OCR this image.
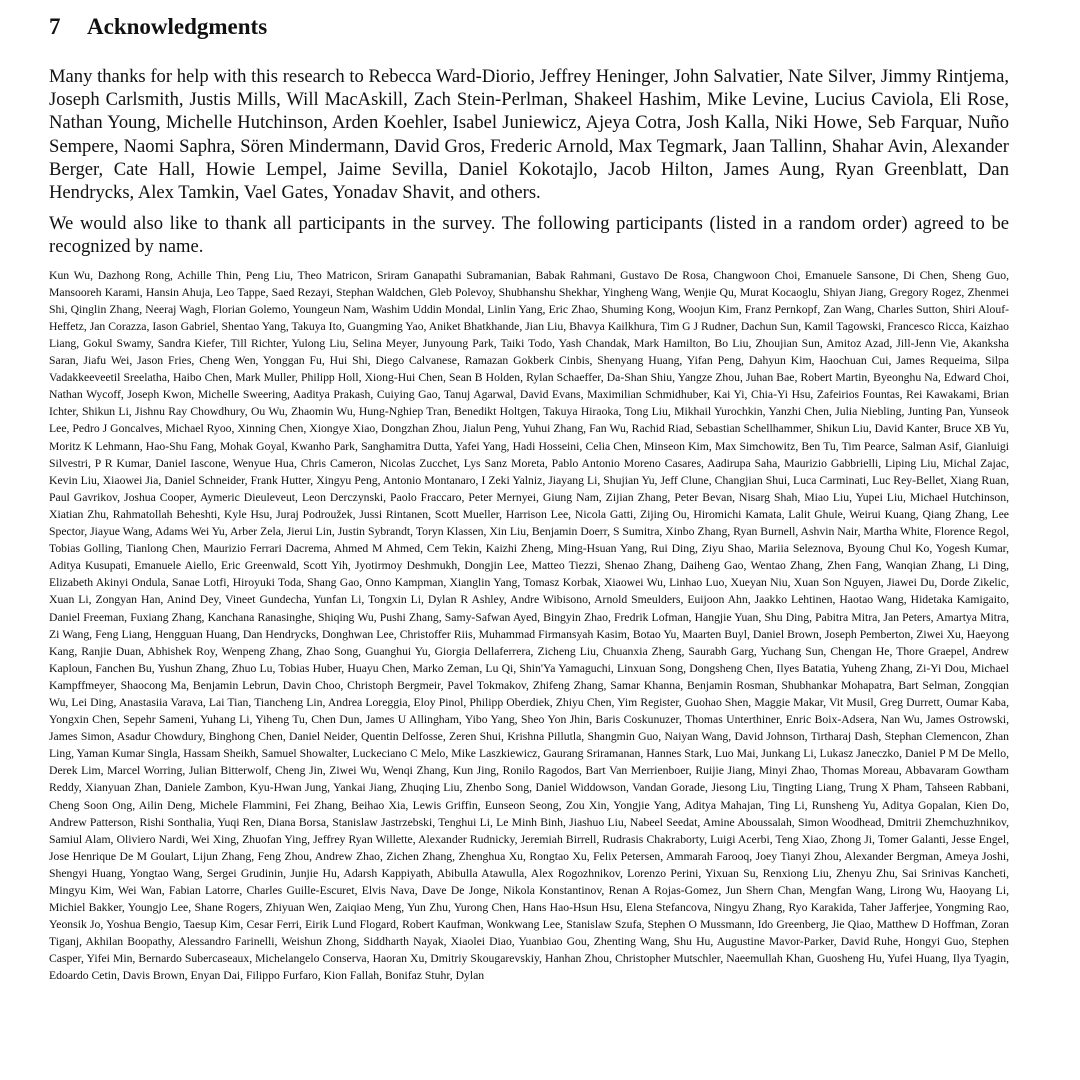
7	Acknowledgments

Many thanks for help with this research to Rebecca Ward-Diorio, Jeffrey Heninger, John Salvatier, Nate Silver, Jimmy Rintjema, Joseph Carlsmith, Justis Mills, Will MacAskill, Zach Stein-Perlman, Shakeel Hashim, Mike Levine, Lucius Caviola, Eli Rose, Nathan Young, Michelle Hutchinson, Arden Koehler, Isabel Juniewicz, Ajeya Cotra, Josh Kalla, Niki Howe, Seb Farquar, Nuño Sempere, Naomi Saphra, Sören Mindermann, David Gros, Frederic Arnold, Max Tegmark, Jaan Tallinn, Shahar Avin, Alexander Berger, Cate Hall, Howie Lempel, Jaime Sevilla, Daniel Kokotajlo, Jacob Hilton, James Aung, Ryan Greenblatt, Dan Hendrycks, Alex Tamkin, Vael Gates, Yonadav Shavit, and others.

We would also like to thank all participants in the survey. The following participants (listed in a random order) agreed to be recognized by name.

Kun Wu, Dazhong Rong, Achille Thin, Peng Liu, Theo Matricon, Sriram Ganapathi Subramanian, Babak Rahmani, Gustavo De Rosa, Changwoon Choi, Emanuele Sansone, Di Chen, Sheng Guo, Mansooreh Karami, Hansin Ahuja, Leo Tappe, Saed Rezayi, Stephan Waldchen, Gleb Polevoy, Shubhanshu Shekhar, Yingheng Wang, Wenjie Qu, Murat Kocaoglu, Shiyan Jiang, Gregory Rogez, Zhenmei Shi, Qinglin Zhang, Neeraj Wagh, Florian Golemo, Youngeun Nam, Washim Uddin Mondal, Linlin Yang, Eric Zhao, Shuming Kong, Woojun Kim, Franz Pernkopf, Zan Wang, Charles Sutton, Shiri Alouf-Heffetz, Jan Corazza, Iason Gabriel, Shentao Yang, Takuya Ito, Guangming Yao, Aniket Bhatkhande, Jian Liu, Bhavya Kailkhura, Tim G J Rudner, Dachun Sun, Kamil Tagowski, Francesco Ricca, Kaizhao Liang, Gokul Swamy, Sandra Kiefer, Till Richter, Yulong Liu, Selina Meyer, Junyoung Park, Taiki Todo, Yash Chandak, Mark Hamilton, Bo Liu, Zhoujian Sun, Amitoz Azad, Jill-Jenn Vie, Akanksha Saran, Jiafu Wei, Jason Fries, Cheng Wen, Yonggan Fu, Hui Shi, Diego Calvanese, Ramazan Gokberk Cinbis, Shenyang Huang, Yifan Peng, Dahyun Kim, Haochuan Cui, James Requeima, Silpa Vadakkeeveetil Sreelatha, Haibo Chen, Mark Muller, Philipp Holl, Xiong-Hui Chen, Sean B Holden, Rylan Schaeffer, Da-Shan Shiu, Yangze Zhou, Juhan Bae, Robert Martin, Byeonghu Na, Edward Choi, Nathan Wycoff, Joseph Kwon, Michelle Sweering, Aaditya Prakash, Cuiying Gao, Tanuj Agarwal, David Evans, Maximilian Schmidhuber, Kai Yi, Chia-Yi Hsu, Zafeirios Fountas, Rei Kawakami, Brian Ichter, Shikun Li, Jishnu Ray Chowdhury, Ou Wu, Zhaomin Wu, Hung-Nghiep Tran, Benedikt Holtgen, Takuya Hiraoka, Tong Liu, Mikhail Yurochkin, Yanzhi Chen, Julia Niebling, Junting Pan, Yunseok Lee, Pedro J Goncalves, Michael Ryoo, Xinning Chen, Xiongye Xiao, Dongzhan Zhou, Jialun Peng, Yuhui Zhang, Fan Wu, Rachid Riad, Sebastian Schellhammer, Shikun Liu, David Kanter, Bruce XB Yu, Moritz K Lehmann, Hao-Shu Fang, Mohak Goyal, Kwanho Park, Sanghamitra Dutta, Yafei Yang, Hadi Hosseini, Celia Chen, Minseon Kim, Max Simchowitz, Ben Tu, Tim Pearce, Salman Asif, Gianluigi Silvestri, P R Kumar, Daniel Iascone, Wenyue Hua, Chris Cameron, Nicolas Zucchet, Lys Sanz Moreta, Pablo Antonio Moreno Casares, Aadirupa Saha, Maurizio Gabbrielli, Liping Liu, Michal Zajac, Kevin Liu, Xiaowei Jia, Daniel Schneider, Frank Hutter, Xingyu Peng, Antonio Montanaro, I Zeki Yalniz, Jiayang Li, Shujian Yu, Jeff Clune, Changjian Shui, Luca Carminati, Luc Rey-Bellet, Xiang Ruan, Paul Gavrikov, Joshua Cooper, Aymeric Dieuleveut, Leon Derczynski, Paolo Fraccaro, Peter Mernyei, Giung Nam, Zijian Zhang, Peter Bevan, Nisarg Shah, Miao Liu, Yupei Liu, Michael Hutchinson, Xiatian Zhu, Rahmatollah Beheshti, Kyle Hsu, Juraj Podroužek, Jussi Rintanen, Scott Mueller, Harrison Lee, Nicola Gatti, Zijing Ou, Hiromichi Kamata, Lalit Ghule, Weirui Kuang, Qiang Zhang, Lee Spector, Jiayue Wang, Adams Wei Yu, Arber Zela, Jierui Lin, Justin Sybrandt, Toryn Klassen, Xin Liu, Benjamin Doerr, S Sumitra, Xinbo Zhang, Ryan Burnell, Ashvin Nair, Martha White, Florence Regol, Tobias Golling, Tianlong Chen, Maurizio Ferrari Dacrema, Ahmed M Ahmed, Cem Tekin, Kaizhi Zheng, Ming-Hsuan Yang, Rui Ding, Ziyu Shao, Mariia Seleznova, Byoung Chul Ko, Yogesh Kumar, Aditya Kusupati, Emanuele Aiello, Eric Greenwald, Scott Yih, Jyotirmoy Deshmukh, Dongjin Lee, Matteo Tiezzi, Shenao Zhang, Daiheng Gao, Wentao Zhang, Zhen Fang, Wanqian Zhang, Li Ding, Elizabeth Akinyi Ondula, Sanae Lotfi, Hiroyuki Toda, Shang Gao, Onno Kampman, Xianglin Yang, Tomasz Korbak, Xiaowei Wu, Linhao Luo, Xueyan Niu, Xuan Son Nguyen, Jiawei Du, Dorde Zikelic, Xuan Li, Zongyan Han, Anind Dey, Vineet Gundecha, Yunfan Li, Tongxin Li, Dylan R Ashley, Andre Wibisono, Arnold Smeulders, Euijoon Ahn, Jaakko Lehtinen, Haotao Wang, Hidetaka Kamigaito, Daniel Freeman, Fuxiang Zhang, Kanchana Ranasinghe, Shiqing Wu, Pushi Zhang, Samy-Safwan Ayed, Bingyin Zhao, Fredrik Lofman, Hangjie Yuan, Shu Ding, Pabitra Mitra, Jan Peters, Amartya Mitra, Zi Wang, Feng Liang, Hengguan Huang, Dan Hendrycks, Donghwan Lee, Christoffer Riis, Muhammad Firmansyah Kasim, Botao Yu, Maarten Buyl, Daniel Brown, Joseph Pemberton, Ziwei Xu, Haeyong Kang, Ranjie Duan, Abhishek Roy, Wenpeng Zhang, Zhao Song, Guanghui Yu, Giorgia Dellaferrera, Zicheng Liu, Chuanxia Zheng, Saurabh Garg, Yuchang Sun, Chengan He, Thore Graepel, Andrew Kaploun, Fanchen Bu, Yushun Zhang, Zhuo Lu, Tobias Huber, Huayu Chen, Marko Zeman, Lu Qi, Shin'Ya Yamaguchi, Linxuan Song, Dongsheng Chen, Ilyes Batatia, Yuheng Zhang, Zi-Yi Dou, Michael Kampffmeyer, Shaocong Ma, Benjamin Lebrun, Davin Choo, Christoph Bergmeir, Pavel Tokmakov, Zhifeng Zhang, Samar Khanna, Benjamin Rosman, Shubhankar Mohapatra, Bart Selman, Zongqian Wu, Lei Ding, Anastasiia Varava, Lai Tian, Tiancheng Lin, Andrea Loreggia, Eloy Pinol, Philipp Oberdiek, Zhiyu Chen, Yim Register, Guohao Shen, Maggie Makar, Vit Musil, Greg Durrett, Oumar Kaba, Yongxin Chen, Sepehr Sameni, Yuhang Li, Yiheng Tu, Chen Dun, James U Allingham, Yibo Yang, Sheo Yon Jhin, Baris Coskunuzer, Thomas Unterthiner, Enric Boix-Adsera, Nan Wu, James Ostrowski, James Simon, Asadur Chowdury, Binghong Chen, Daniel Neider, Quentin Delfosse, Zeren Shui, Krishna Pillutla, Shangmin Guo, Naiyan Wang, David Johnson, Tirtharaj Dash, Stephan Clemencon, Zhan Ling, Yaman Kumar Singla, Hassam Sheikh, Samuel Showalter, Luckeciano C Melo, Mike Laszkiewicz, Gaurang Sriramanan, Hannes Stark, Luo Mai, Junkang Li, Lukasz Janeczko, Daniel P M De Mello, Derek Lim, Marcel Worring, Julian Bitterwolf, Cheng Jin, Ziwei Wu, Wenqi Zhang, Kun Jing, Ronilo Ragodos, Bart Van Merrienboer, Ruijie Jiang, Minyi Zhao, Thomas Moreau, Abbavaram Gowtham Reddy, Xianyuan Zhan, Daniele Zambon, Kyu-Hwan Jung, Yankai Jiang, Zhuqing Liu, Zhenbo Song, Daniel Widdowson, Vandan Gorade, Jiesong Liu, Tingting Liang, Trung X Pham, Tahseen Rabbani, Cheng Soon Ong, Ailin Deng, Michele Flammini, Fei Zhang, Beihao Xia, Lewis Griffin, Eunseon Seong, Zou Xin, Yongjie Yang, Aditya Mahajan, Ting Li, Runsheng Yu, Aditya Gopalan, Kien Do, Andrew Patterson, Rishi Sonthalia, Yuqi Ren, Diana Borsa, Stanislaw Jastrzebski, Tenghui Li, Le Minh Binh, Jiashuo Liu, Nabeel Seedat, Amine Aboussalah, Simon Woodhead, Dmitrii Zhemchuzhnikov, Samiul Alam, Oliviero Nardi, Wei Xing, Zhuofan Ying, Jeffrey Ryan Willette, Alexander Rudnicky, Jeremiah Birrell, Rudrasis Chakraborty, Luigi Acerbi, Teng Xiao, Zhong Ji, Tomer Galanti, Jesse Engel, Jose Henrique De M Goulart, Lijun Zhang, Feng Zhou, Andrew Zhao, Zichen Zhang, Zhenghua Xu, Rongtao Xu, Felix Petersen, Ammarah Farooq, Joey Tianyi Zhou, Alexander Bergman, Ameya Joshi, Shengyi Huang, Yongtao Wang, Sergei Grudinin, Junjie Hu, Adarsh Kappiyath, Abibulla Atawulla, Alex Rogozhnikov, Lorenzo Perini, Yixuan Su, Renxiong Liu, Zhenyu Zhu, Sai Srinivas Kancheti, Mingyu Kim, Wei Wan, Fabian Latorre, Charles Guille-Escuret, Elvis Nava, Dave De Jonge, Nikola Konstantinov, Renan A Rojas-Gomez, Jun Shern Chan, Mengfan Wang, Lirong Wu, Haoyang Li, Michiel Bakker, Youngjo Lee, Shane Rogers, Zhiyuan Wen, Zaiqiao Meng, Yun Zhu, Yurong Chen, Hans Hao-Hsun Hsu, Elena Stefancova, Ningyu Zhang, Ryo Karakida, Taher Jafferjee, Yongming Rao, Yeonsik Jo, Yoshua Bengio, Taesup Kim, Cesar Ferri, Eirik Lund Flogard, Robert Kaufman, Wonkwang Lee, Stanislaw Szufa, Stephen O Mussmann, Ido Greenberg, Jie Qiao, Matthew D Hoffman, Zoran Tiganj, Akhilan Boopathy, Alessandro Farinelli, Weishun Zhong, Siddharth Nayak, Xiaolei Diao, Yuanbiao Gou, Zhenting Wang, Shu Hu, Augustine Mavor-Parker, David Ruhe, Hongyi Guo, Stephen Casper, Yifei Min, Bernardo Subercaseaux, Michelangelo Conserva, Haoran Xu, Dmitriy Skougarevskiy, Hanhan Zhou, Christopher Mutschler, Naeemullah Khan, Guosheng Hu, Yufei Huang, Ilya Tyagin, Edoardo Cetin, Davis Brown, Enyan Dai, Filippo Furfaro, Kion Fallah, Bonifaz Stuhr, Dylan
